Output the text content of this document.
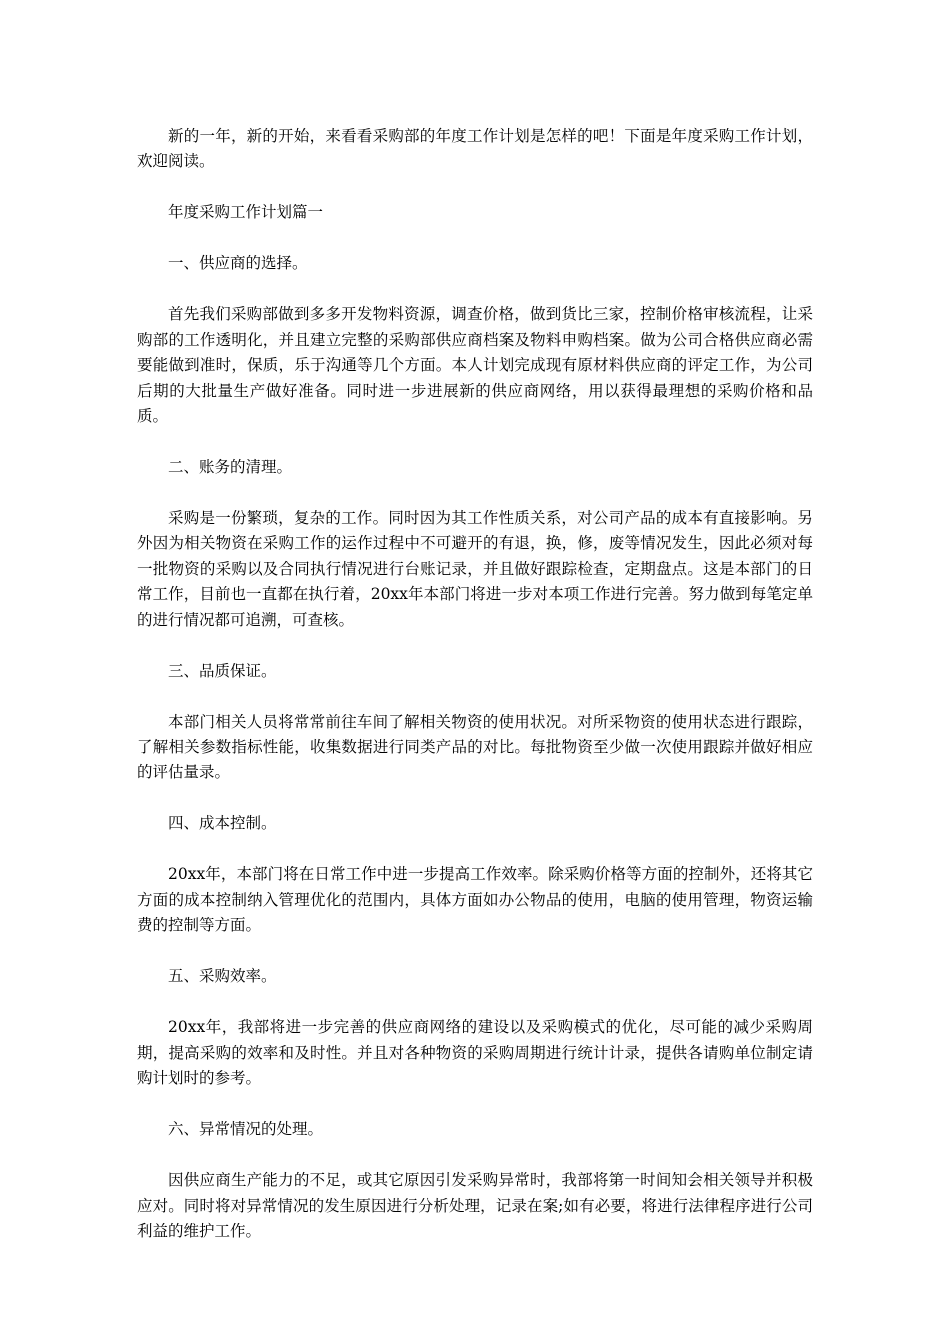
新的一年，新的开始，来看看采购部的年度工作计划是怎样的吧！下面是年度采购工作计划，欢迎阅读。

年度采购工作计划篇一

一、供应商的选择。

首先我们采购部做到多多开发物料资源，调查价格，做到货比三家，控制价格审核流程，让采购部的工作透明化，并且建立完整的采购部供应商档案及物料申购档案。做为公司合格供应商必需要能做到准时，保质，乐于沟通等几个方面。本人计划完成现有原材料供应商的评定工作，为公司后期的大批量生产做好准备。同时进一步进展新的供应商网络，用以获得最理想的采购价格和品质。

二、账务的清理。

采购是一份繁琐，复杂的工作。同时因为其工作性质关系，对公司产品的成本有直接影响。另外因为相关物资在采购工作的运作过程中不可避开的有退，换，修，废等情况发生，因此必须对每一批物资的采购以及合同执行情况进行台账记录，并且做好跟踪检查，定期盘点。这是本部门的日常工作，目前也一直都在执行着，20xx年本部门将进一步对本项工作进行完善。努力做到每笔定单的进行情况都可追溯，可查核。

三、品质保证。

本部门相关人员将常常前往车间了解相关物资的使用状况。对所采物资的使用状态进行跟踪，了解相关参数指标性能，收集数据进行同类产品的对比。每批物资至少做一次使用跟踪并做好相应的评估量录。

四、成本控制。

20xx年，本部门将在日常工作中进一步提高工作效率。除采购价格等方面的控制外，还将其它方面的成本控制纳入管理优化的范围内，具体方面如办公物品的使用，电脑的使用管理，物资运输费的控制等方面。

五、采购效率。

20xx年，我部将进一步完善的供应商网络的建设以及采购模式的优化，尽可能的减少采购周期，提高采购的效率和及时性。并且对各种物资的采购周期进行统计计录，提供各请购单位制定请购计划时的参考。

六、异常情况的处理。

因供应商生产能力的不足，或其它原因引发采购异常时，我部将第一时间知会相关领导并积极应对。同时将对异常情况的发生原因进行分析处理，记录在案;如有必要，将进行法律程序进行公司利益的维护工作。
